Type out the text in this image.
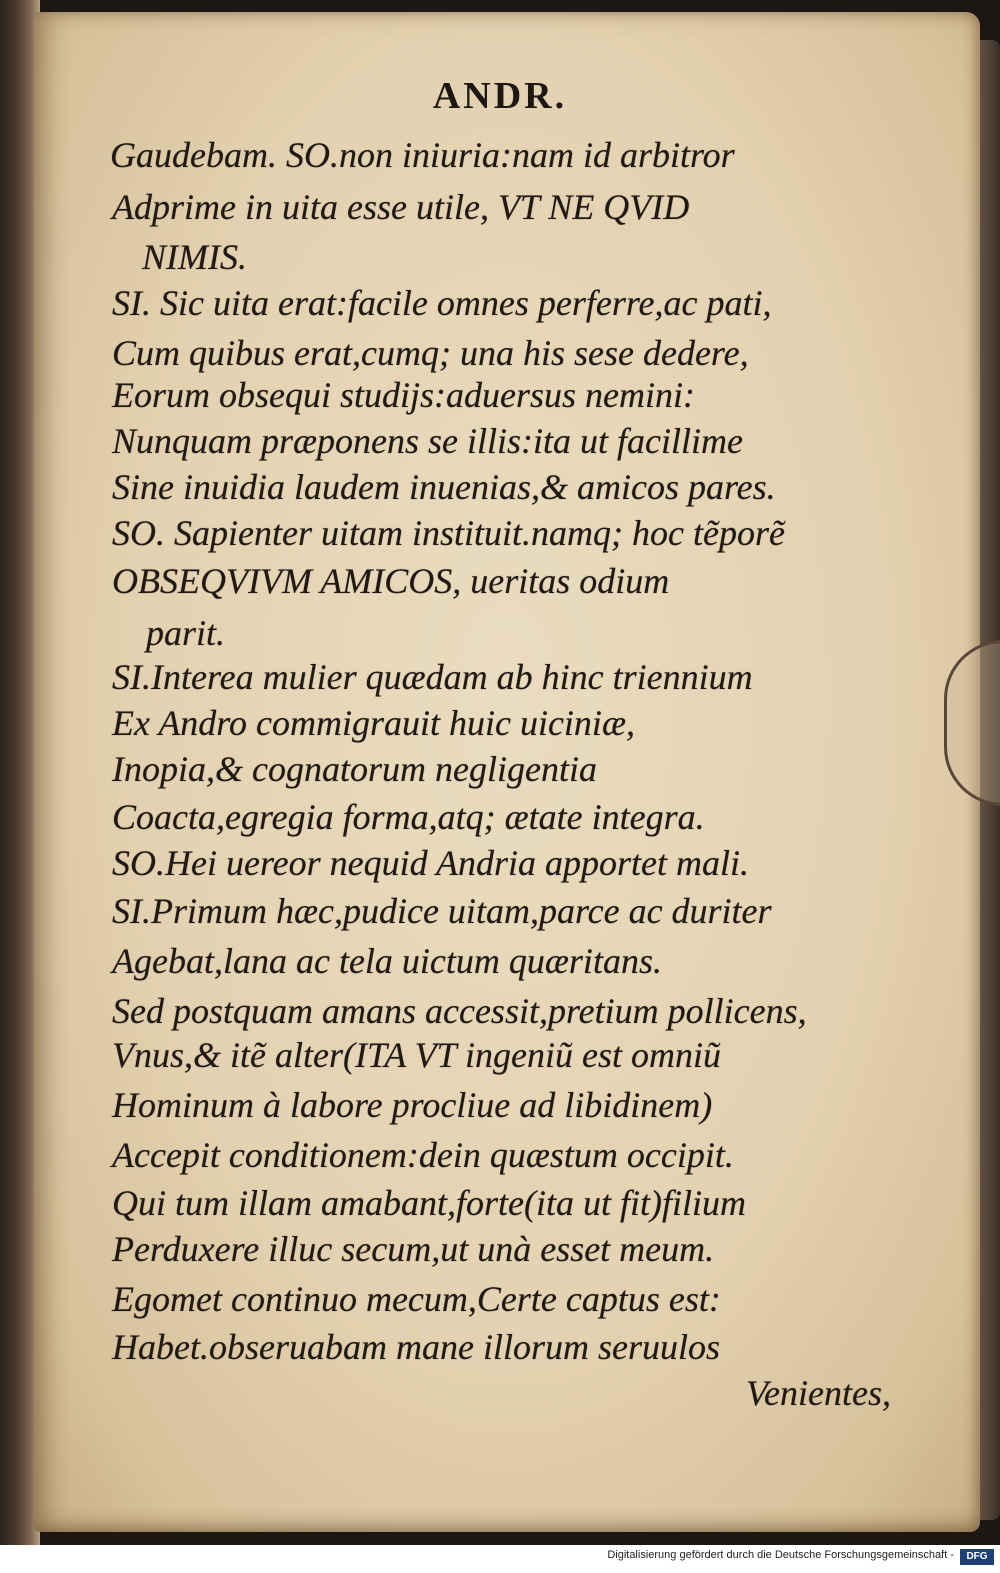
ANDR.
Gaudebam. SO.non iniuria:nam id arbitror
Adprime in uita esse utile, VT NE QVID
NIMIS.
SI. Sic uita erat:facile omnes perferre,ac pati,
Cum quibus erat,cumq; una his sese dedere,
Eorum obsequi studijs:aduersus nemini:
Nunquam præponens se illis:ita ut facillime
Sine inuidia laudem inuenias,& amicos pares.
SO. Sapienter uitam instituit.namq; hoc tẽporẽ
OBSEQVIVM AMICOS, ueritas odium
parit.
SI.Interea mulier quædam ab hinc triennium
Ex Andro commigrauit huic uiciniæ,
Inopia,& cognatorum negligentia
Coacta,egregia forma,atq; ætate integra.
SO.Hei uereor nequid Andria apportet mali.
SI.Primum hæc,pudice uitam,parce ac duriter
Agebat,lana ac tela uictum quæritans.
Sed postquam amans accessit,pretium pollicens,
Vnus,& itẽ alter(ITA VT ingeniũ est omniũ
Hominum à labore procliue ad libidinem)
Accepit conditionem:dein quæstum occipit.
Qui tum illam amabant,forte(ita ut fit)filium
Perduxere illuc secum,ut unà esset meum.
Egomet continuo mecum,Certe captus est:
Habet.obseruabam mane illorum seruulos
Venientes,
Digitalisierung gefördert durch die Deutsche Forschungsgemeinschaft -	DFG
